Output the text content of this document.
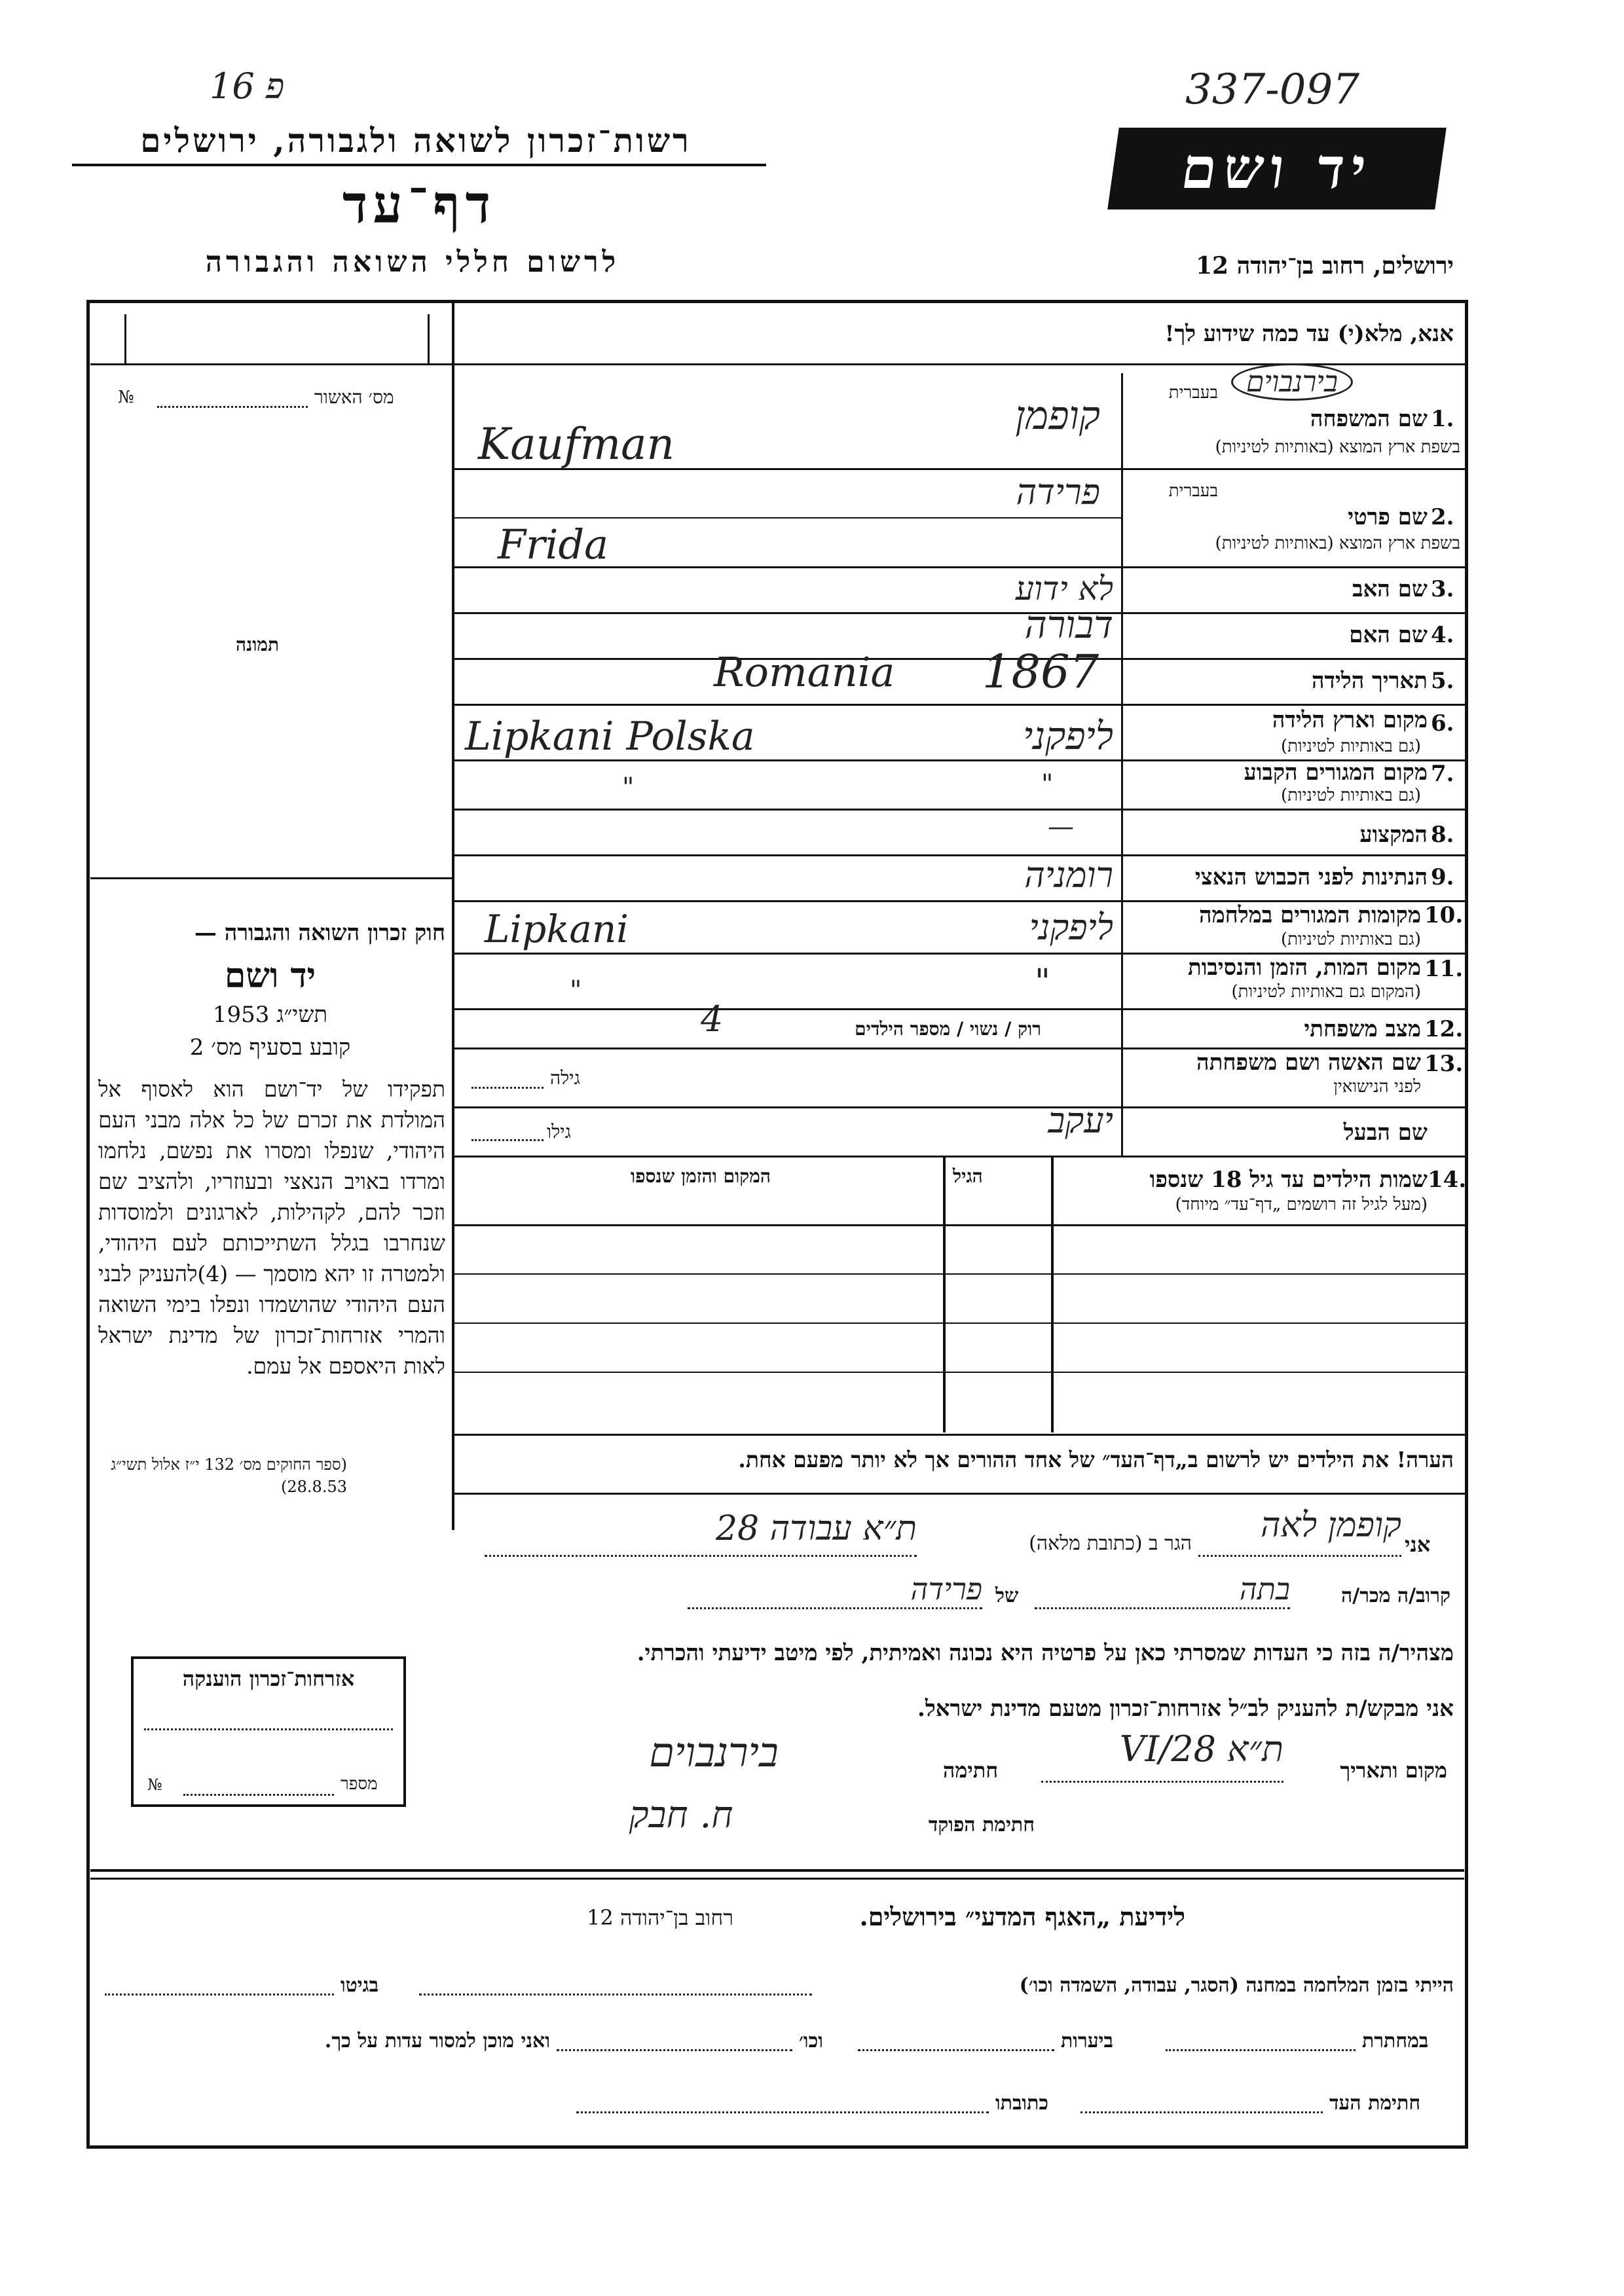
פ 16
רשות־זכרון לשואה ולגבורה, ירושלים
דף־עד
לרשום חללי השואה והגבורה
337-097
יד ושם
ירושלים, רחוב בן־יהודה 12
מס׳ האשור
№
תמונה
חוק זכרון השואה והגבורה —
יד ושם
תשי״ג 1953
קובע בסעיף מס׳ 2
תפקידו של יד־ושם הוא לאסוף אל המולדת את זכרם של כל אלה מבני העם היהודי, שנפלו ומסרו את נפשם, נלחמו ומרדו באויב הנאצי ובעוזריו, ולהציב שם וזכר להם, לקהילות, לארגונים ולמוסדות שנחרבו בגלל השתייכותם לעם היהודי, ולמטרה זו יהא מוסמך — (4)להעניק לבני העם היהודי שהושמדו ונפלו בימי השואה והמרי אזרחות־זכרון של מדינת ישראל לאות היאספם אל עמם.
(ספר החוקים מס׳ 132 י״ז אלול תשי״ג 28.8.53)
אזרחות־זכרון הוענקה
מספר
№
אנא, מלא(י) עד כמה שידוע לך!
1.
שם המשפחה
בעברית
בשפת ארץ המוצא (באותיות לטיניות)
בירנבוים
קופמן
Kaufman
2.
שם פרטי
בעברית
בשפת ארץ המוצא (באותיות לטיניות)
פרידה
Frida
3.
שם האב
לא ידוע
4.
שם האם
דבורה
5.
תאריך הלידה
1867
Romania
6.
מקום וארץ הלידה
(גם באותיות לטיניות)
ליפקני
Lipkani Polska
7.
מקום המגורים הקבוע
(גם באותיות לטיניות)
"
"
8.
המקצוע
—
9.
הנתינות לפני הכבוש הנאצי
רומניה
10.
מקומות המגורים במלחמה
(גם באותיות לטיניות)
ליפקני
Lipkani
11.
מקום המות, הזמן והנסיבות
(המקום גם באותיות לטיניות)
"
"
12.
מצב משפחתי
רוק / נשוי / מספר הילדים
4
13.
שם האשה ושם משפחתה
לפני הנישואין
גילה
שם הבעל
יעקב
גילו
14.
שמות הילדים עד גיל 18 שנספו
(מעל לגיל זה רושמים „דף־עד״ מיוחד)
הגיל
המקום והזמן שנספו
הערה! את הילדים יש לרשום ב„דף־העד״ של אחד ההורים אך לא יותר מפעם אחת.
אני
קופמן לאה
הגר ב (כתובת מלאה)
ת״א עבודה 28
קרוב/ה מכר/ה
בתה
של
פרידה
מצהיר/ה בזה כי העדות שמסרתי כאן על פרטיה היא נכונה ואמיתית, לפי מיטב ידיעתי והכרתי.
אני מבקש/ת להעניק לב״ל אזרחות־זכרון מטעם מדינת ישראל.
מקום ותאריך
ת״א 28/VI
חתימה
בירנבוים
חתימת הפוקד
ח. חבק
לידיעת „האגף המדעי״ בירושלים.
רחוב בן־יהודה 12
הייתי בזמן המלחמה במחנה (הסגר, עבודה, השמדה וכו׳)
בגיטו
במחתרת
ביערות
וכו׳
ואני מוכן למסור עדות על כך.
חתימת העד
כתובתו
